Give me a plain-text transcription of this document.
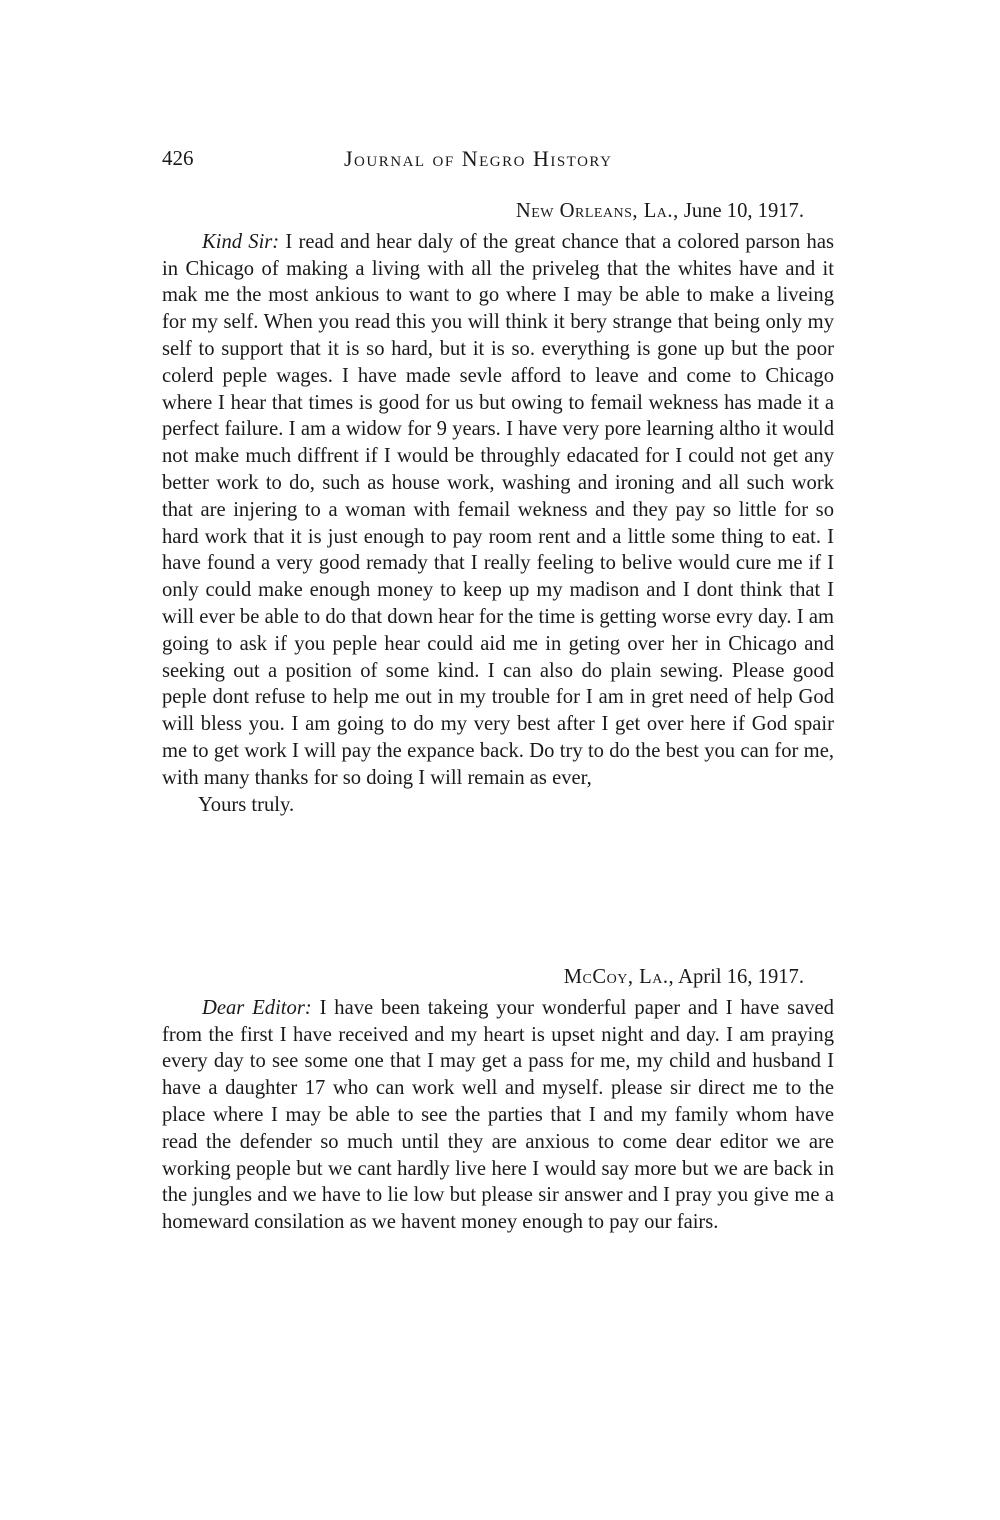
426	Journal of Negro History

New Orleans, La., June 10, 1917.

Kind Sir: I read and hear daly of the great chance that a colored parson has in Chicago of making a living with all the priveleg that the whites have and it mak me the most ankious to want to go where I may be able to make a liveing for my self. When you read this you will think it bery strange that being only my self to support that it is so hard, but it is so. everything is gone up but the poor colerd peple wages. I have made sevle afford to leave and come to Chicago where I hear that times is good for us but owing to femail wekness has made it a perfect failure. I am a widow for 9 years. I have very pore learning altho it would not make much diffrent if I would be throughly edacated for I could not get any better work to do, such as house work, washing and ironing and all such work that are injering to a woman with femail wekness and they pay so little for so hard work that it is just enough to pay room rent and a little some thing to eat. I have found a very good remady that I really feeling to belive would cure me if I only could make enough money to keep up my madison and I dont think that I will ever be able to do that down hear for the time is getting worse evry day. I am going to ask if you peple hear could aid me in geting over her in Chicago and seeking out a position of some kind. I can also do plain sewing. Please good peple dont refuse to help me out in my trouble for I am in gret need of help God will bless you. I am going to do my very best after I get over here if God spair me to get work I will pay the expance back. Do try to do the best you can for me, with many thanks for so doing I will remain as ever,

Yours truly.

McCoy, La., April 16, 1917.

Dear Editor: I have been takeing your wonderful paper and I have saved from the first I have received and my heart is upset night and day. I am praying every day to see some one that I may get a pass for me, my child and husband I have a daughter 17 who can work well and myself. please sir direct me to the place where I may be able to see the parties that I and my family whom have read the defender so much until they are anxious to come dear editor we are working people but we cant hardly live here I would say more but we are back in the jungles and we have to lie low but please sir answer and I pray you give me a homeward consilation as we havent money enough to pay our fairs.
